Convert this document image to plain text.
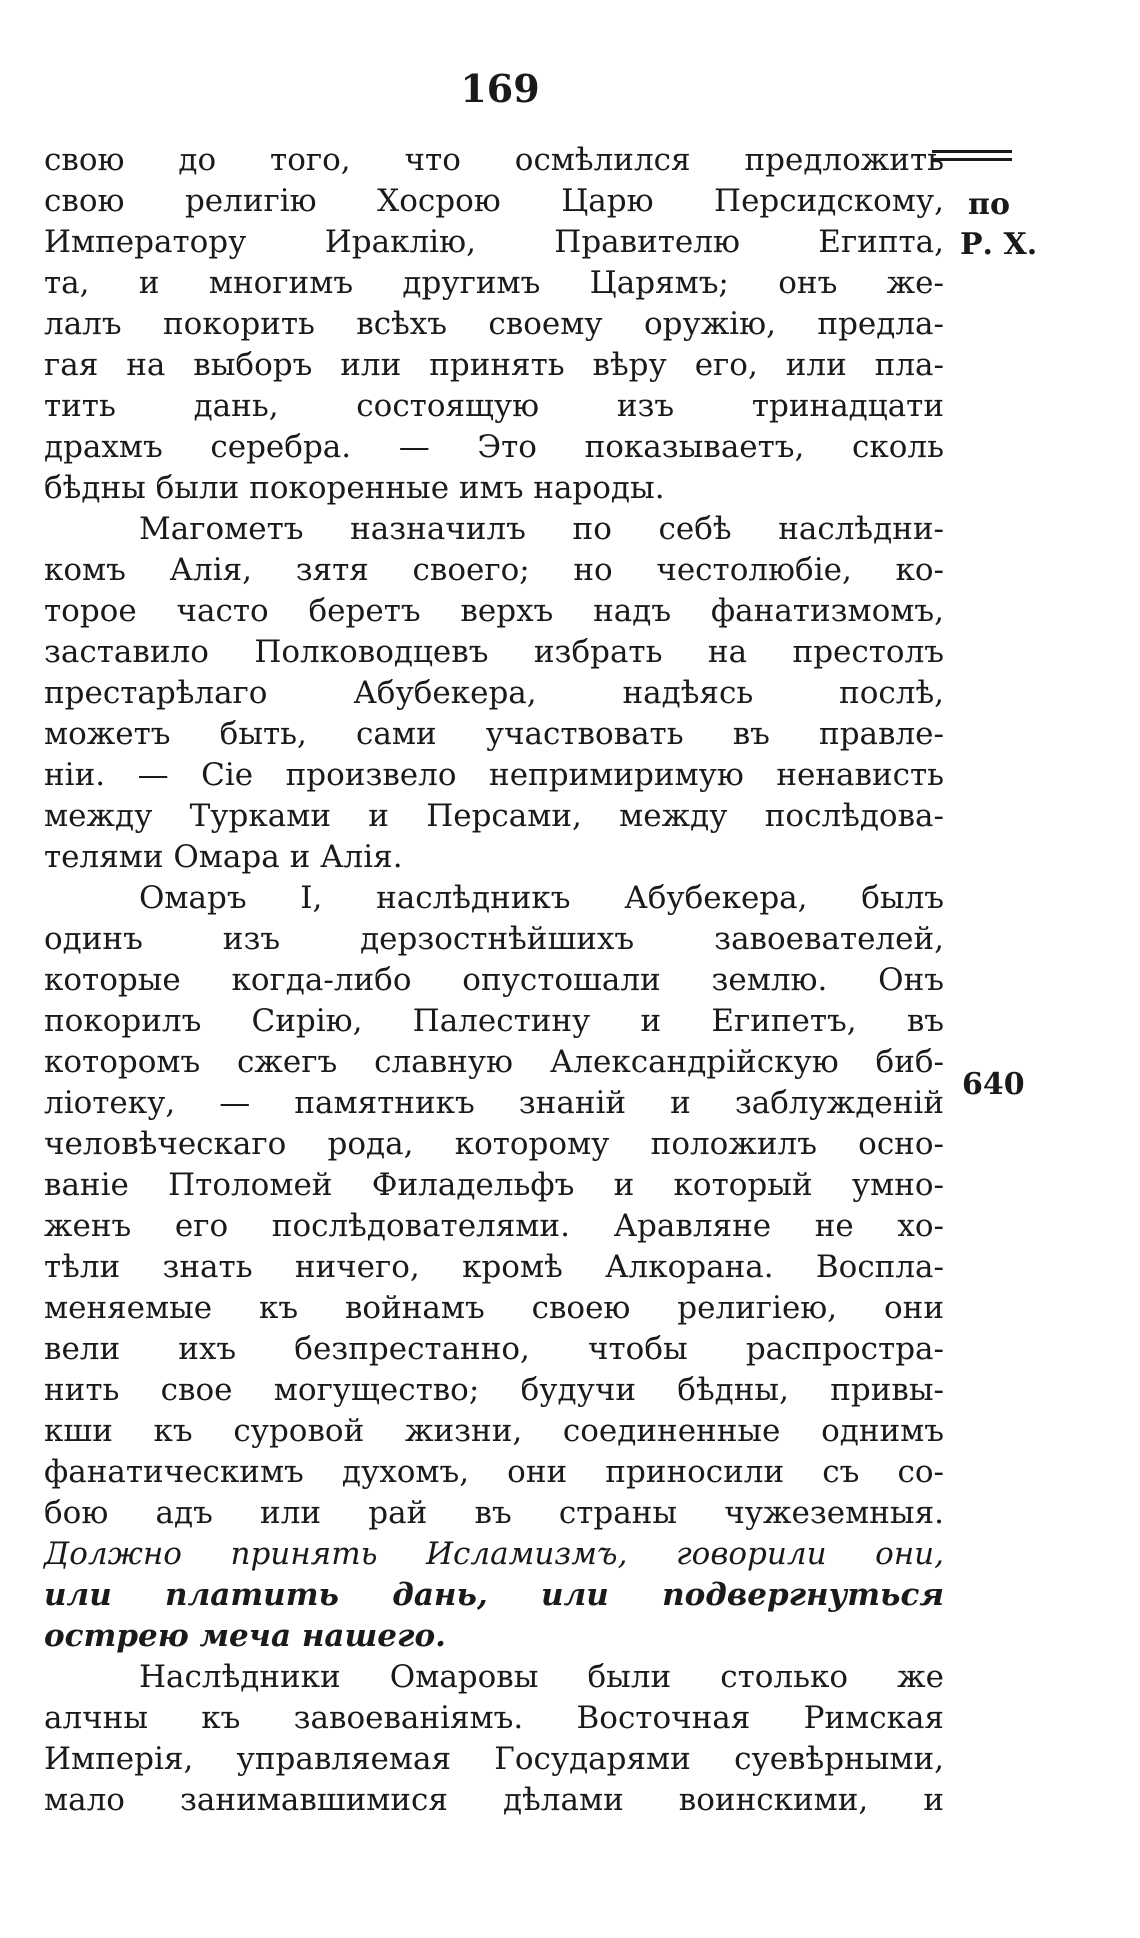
169
по
Р. Х.
640
свою до того, что осмѣлился предложить
свою религію Хосрою Царю Персидскому,
Императору Ираклію, Правителю Египта,
та, и многимъ другимъ Царямъ; онъ же-
лалъ покорить всѣхъ своему оружію, предла-
гая на выборъ или принять вѣру его, или пла-
тить дань, состоящую изъ тринадцати
драхмъ серебра. — Это показываетъ, сколь
бѣдны были покоренные имъ народы.
Магометъ назначилъ по себѣ наслѣдни-
комъ Алія, зятя своего; но честолюбіе, ко-
торое часто беретъ верхъ надъ фанатизмомъ,
заставило Полководцевъ избрать на престолъ
престарѣлаго Абубекера, надѣясь послѣ,
можетъ быть, сами участвовать въ правле-
ніи. — Сіе произвело непримиримую ненависть
между Турками и Персами, между послѣдова-
телями Омара и Алія.
Омаръ I, наслѣдникъ Абубекера, былъ
одинъ изъ дерзостнѣйшихъ завоевателей,
которые когда-либо опустошали землю. Онъ
покорилъ Сирію, Палестину и Египетъ, въ
которомъ сжегъ славную Александрійскую биб-
ліотеку, — памятникъ знаній и заблужденій
человѣческаго рода, которому положилъ осно-
ваніе Птоломей Филадельфъ и который умно-
женъ его послѣдователями. Аравляне не хо-
тѣли знать ничего, кромѣ Алкорана. Воспла-
меняемые къ войнамъ своею религіею, они
вели ихъ безпрестанно, чтобы распростра-
нить свое могущество; будучи бѣдны, привы-
кши къ суровой жизни, соединенные однимъ
фанатическимъ духомъ, они приносили съ со-
бою адъ или рай въ страны чужеземныя.
Должно принять Исламизмъ, говорили они,
или платить дань, или подвергнуться
острею меча нашего.
Наслѣдники Омаровы были столько же
алчны къ завоеваніямъ. Восточная Римская
Имперія, управляемая Государями суевѣрными,
мало занимавшимися дѣлами воинскими, и
